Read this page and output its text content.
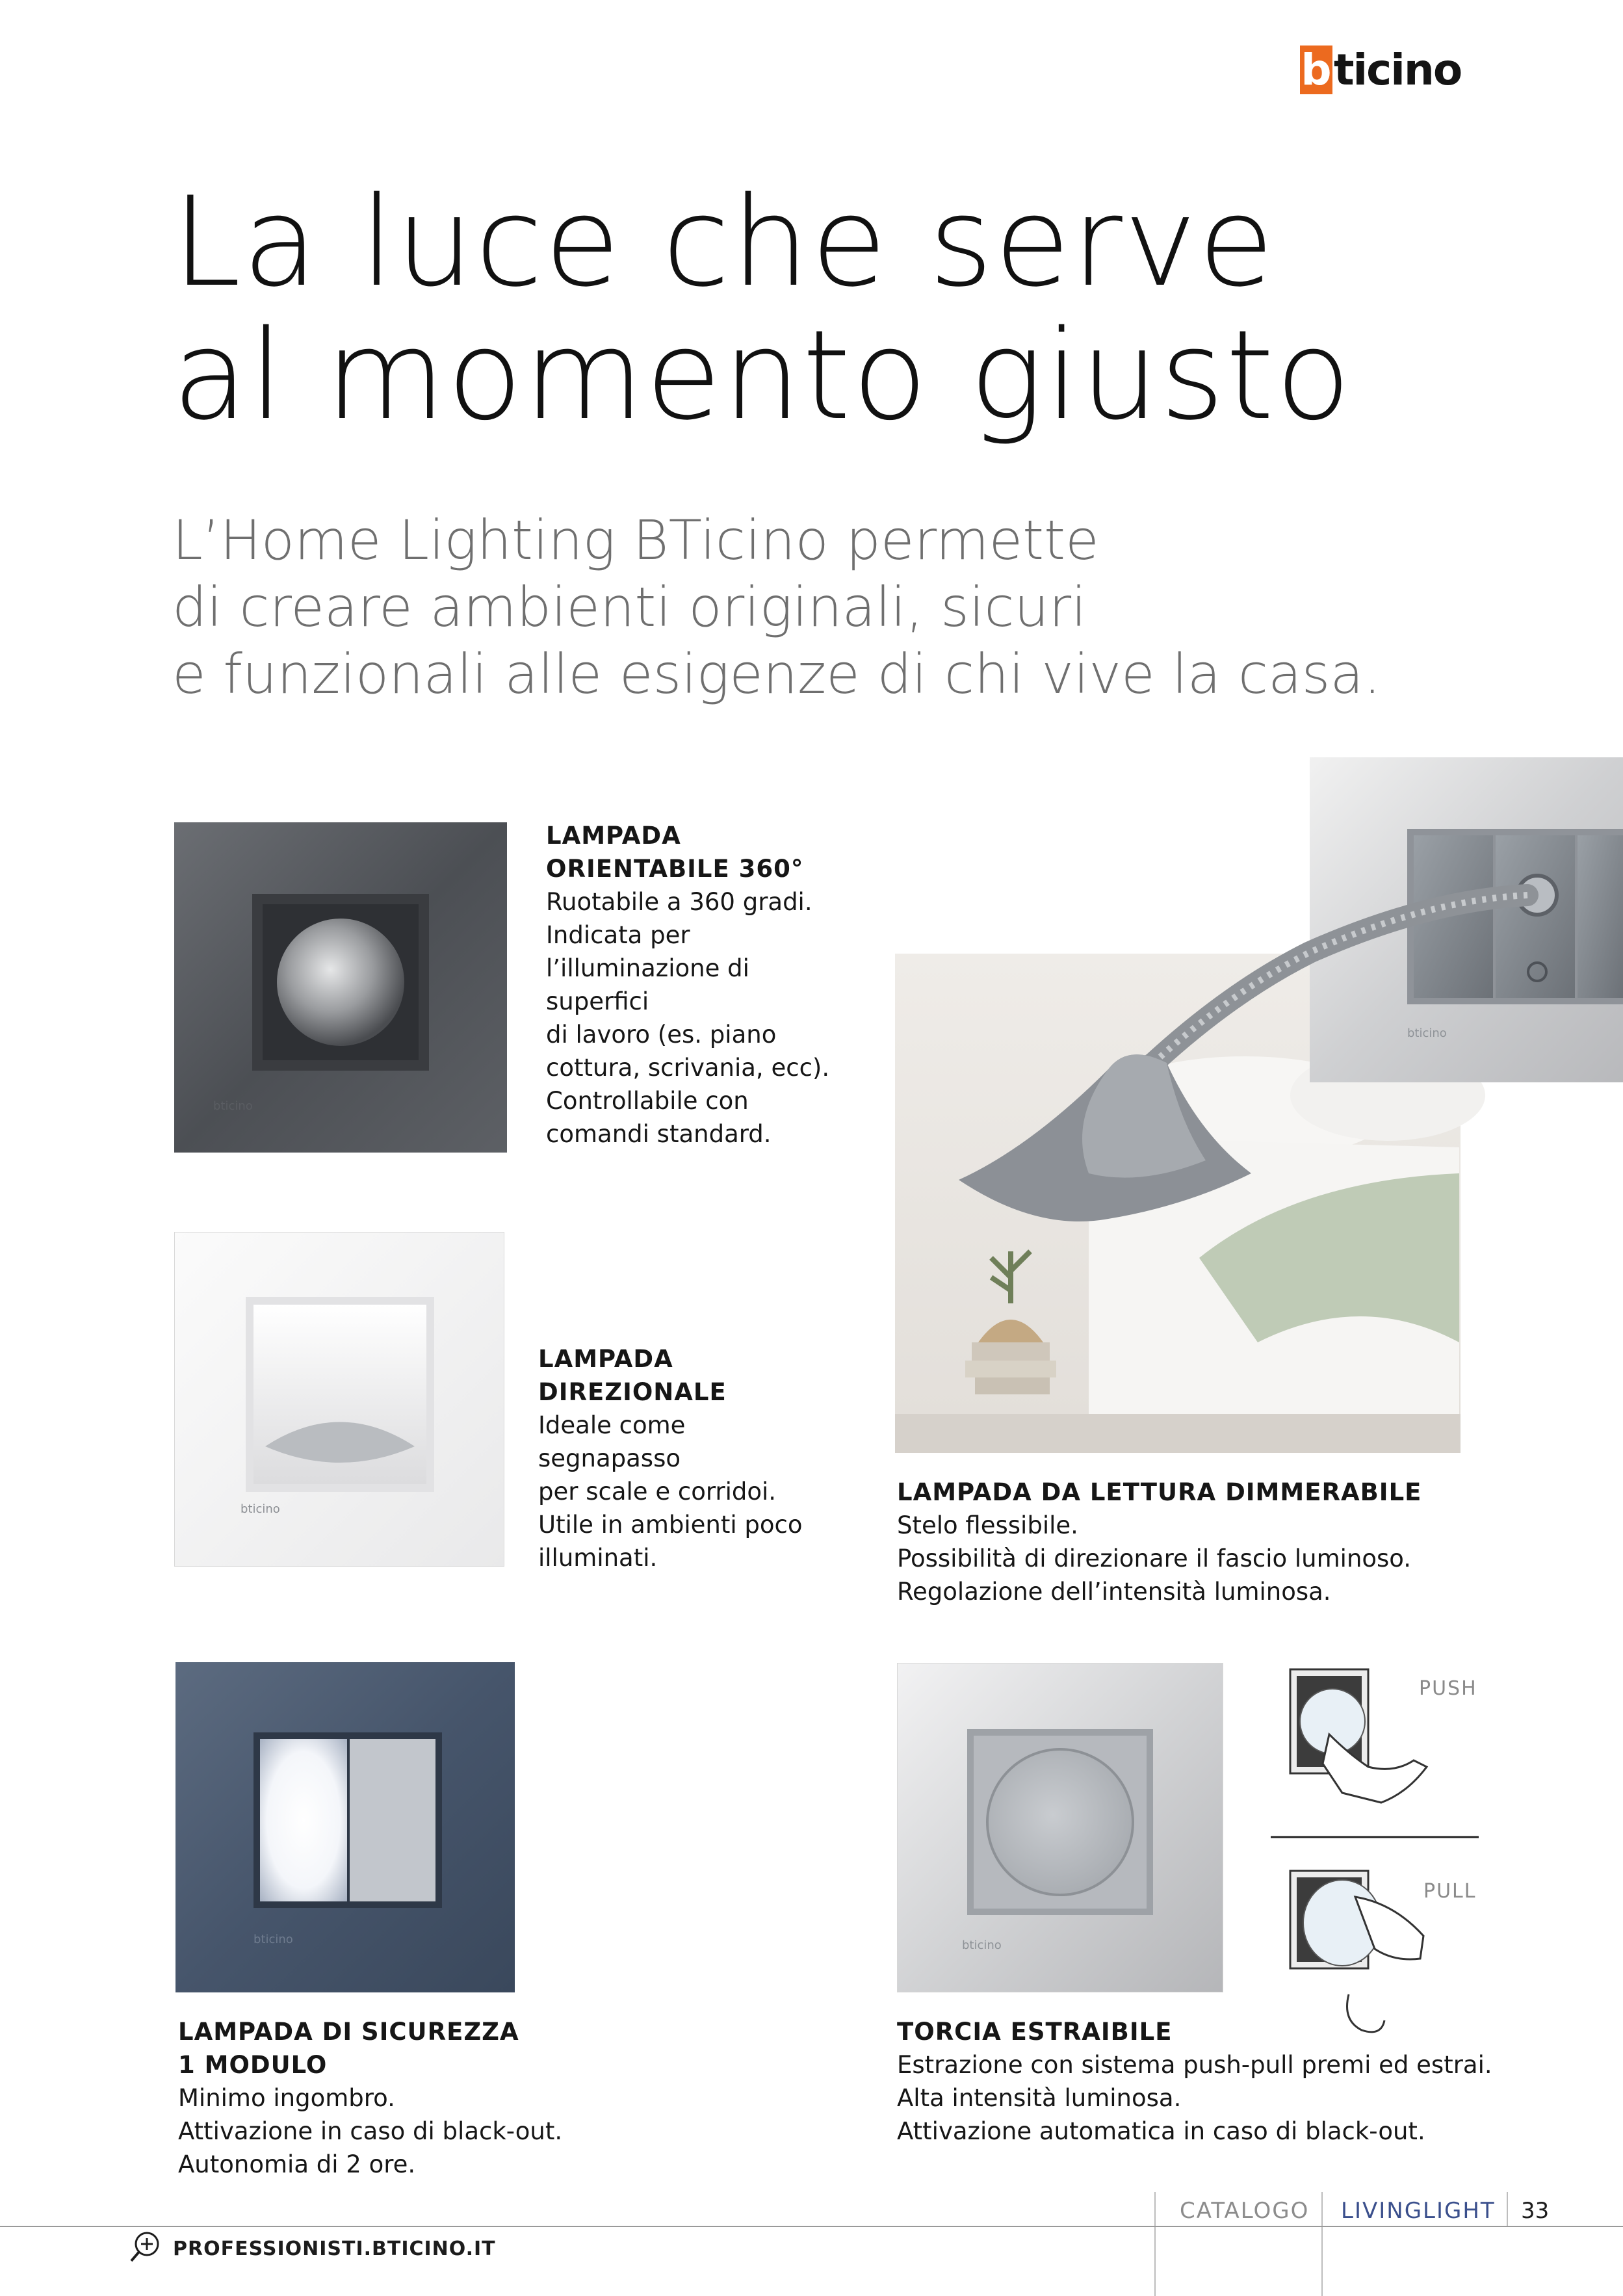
b ticino
La luce che serve
al momento giusto
L’Home Lighting BTicino permette
di creare ambienti originali, sicuri
e funzionali alle esigenze di chi vive la casa.
bticino
LAMPADA
ORIENTABILE 360°
Ruotabile a 360 gradi.
Indicata per
l’illuminazione di
superfici
di lavoro (es. piano
cottura, scrivania, ecc).
Controllabile con
comandi standard.
bticino
LAMPADA
DIREZIONALE
Ideale come
segnapasso
per scale e corridoi.
Utile in ambienti poco
illuminati.
bticino
LAMPADA DA LETTURA DIMMERABILE
Stelo flessibile.
Possibilità di direzionare il fascio luminoso.
Regolazione dell’intensità luminosa.
bticino
LAMPADA DI SICUREZZA
1 MODULO
Minimo ingombro.
Attivazione in caso di black-out.
Autonomia di 2 ore.
bticino
PUSH
PULL
TORCIA ESTRAIBILE
Estrazione con sistema push-pull premi ed estrai.
Alta intensità luminosa.
Attivazione automatica in caso di black-out.
CATALOGO LIVINGLIGHT 33
PROFESSIONISTI.BTICINO.IT
